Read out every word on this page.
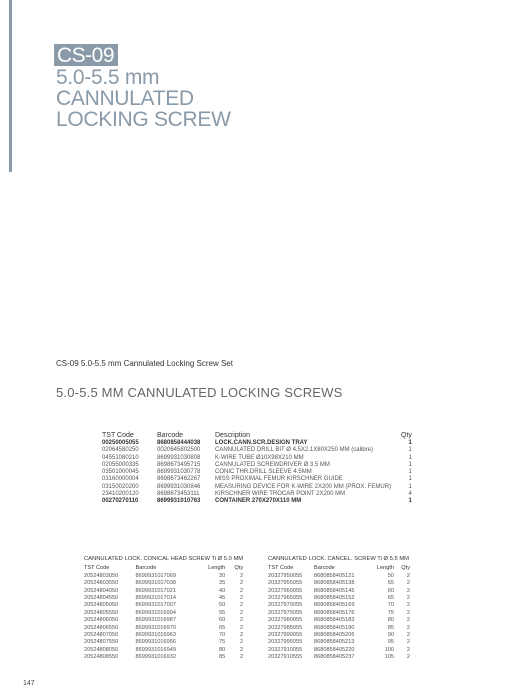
CS-09
5.0-5.5 mm
CANNULATED
LOCKING SCREW
CS-09 5.0-5.5 mm Cannulated Locking Screw Set
5.0-5.5 MM CANNULATED LOCKING SCREWS
TST Code	Barcode	Description	Qty
00250005055	8680858444038	LOCK.CANN.SCR.DESIGN TRAY	1
02064580250	0020645802500	CANNULATED DRILL BIT Ø 4.5X2.1X80X250 MM (calibre)	1
04551080210	8699931030808	K-WIRE TUBE Ø10X98X210 MM	1
02055000335	8698673495715	CANNULATED SCREWDRIVER Ø 3.5 MM	1
03501000045	8699931030778	CONIC THR.DRILL SLEEVE 4.5MM	1
03160000004	8698673462267	MISS PROXIMAL FEMUR KIRSCHNER GUIDE	1
03150020200	8699931030846	MEASURING DEVICE FOR K-WIRE 2X200 MM (PROX. FEMUR)	1
23410200120	8698673453111	KIRSCHNER WIRE TROCAR POINT 2X200 MM	4
00270270110	8699931010763	CONTAINER 270X270X110 MM	1
CANNULATED LOCK. CONICAL HEAD SCREW Ti Ø 5.0 MM			
TST Code	Barcode	Length	Qty
20524803050	8699931017069	30	2
20524803550	8699931017038	35	2
20524804050	8699931017021	40	2
20524804550	8699931017014	45	2
20524805050	8699931017007	50	2
20524805550	8699931016994	55	2
20524806050	8699931016987	60	2
20524806550	8699931016970	65	2
20524807050	8699931016963	70	2
20524807550	8699931016956	75	2
20524808050	8699931016949	80	2
20524808550	8699931016932	85	2
CANNULATED LOCK. CANCEL. SCREW Ti Ø 5.5 MM			
TST Code	Barcode	Length	Qty
20327950055	8680858405121	50	2
20327955055	8680858405138	55	2
20327960055	8680858405145	60	2
20327965055	8680858405152	65	2
20327970055	8680858405169	70	2
20327975055	8680858405176	75	2
20327980055	8680858405183	80	2
20327985055	8680858405190	85	2
20327990055	8680858405206	90	2
20327995055	8680858405213	95	2
20327910055	8680858405220	100	2
20327910555	8680858405237	105	2
147
